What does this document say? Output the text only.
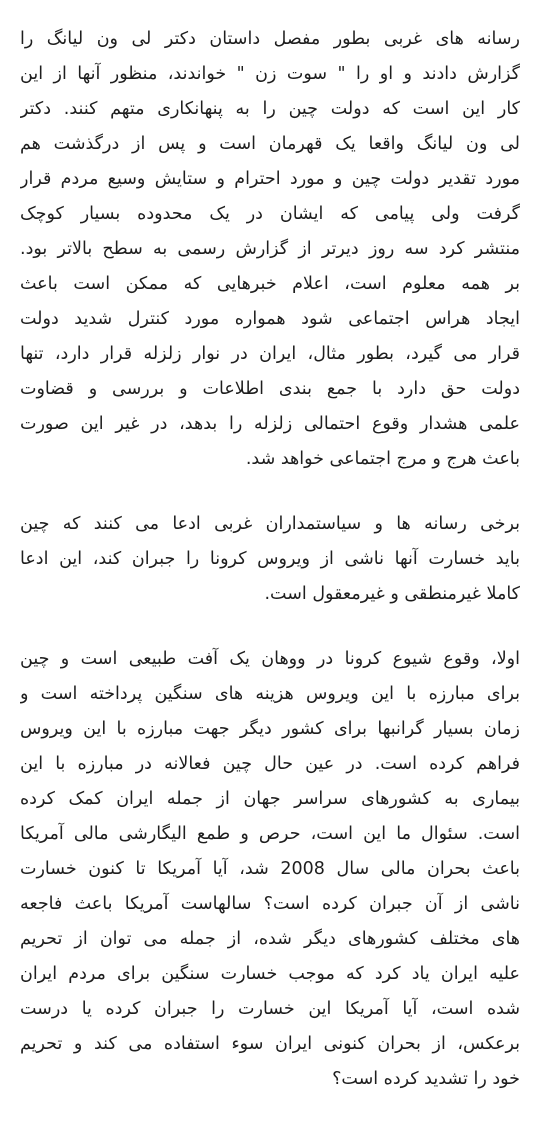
رسانه های غربی بطور مفصل داستان دکتر لی ون لیانگ را
گزارش دادند و او را " سوت زن " خواندند، منظور آنها از این
کار این است که دولت چین را به پنهانکاری متهم کنند. دکتر
لی ون لیانگ واقعا یک قهرمان است و پس از درگذشت هم
مورد تقدیر دولت چین و مورد احترام و ستایش وسیع مردم قرار
گرفت ولی پیامی که ایشان در یک محدوده بسیار کوچک
منتشر کرد سه روز دیرتر از گزارش رسمی به سطح بالاتر بود.
بر همه معلوم است، اعلام خبرهایی که ممکن است باعث
ایجاد هراس اجتماعی شود همواره مورد کنترل شدید دولت
قرار می گیرد، بطور مثال، ایران در نوار زلزله قرار دارد، تنها
دولت حق دارد با جمع بندی اطلاعات و بررسی و قضاوت
علمی هشدار وقوع احتمالی زلزله را بدهد، در غیر این صورت
باعث هرج و مرج اجتماعی خواهد شد.
برخی رسانه ها و سیاستمداران غربی ادعا می کنند که چین
باید خسارت آنها ناشی از ویروس کرونا را جبران کند، این ادعا
کاملا غیرمنطقی و غیرمعقول است.
اولا، وقوع شیوع کرونا در ووهان یک آفت طبیعی است و چین
برای مبارزه با این ویروس هزینه های سنگین پرداخته است و
زمان بسیار گرانبها برای کشور دیگر جهت مبارزه با این ویروس
فراهم کرده است. در عین حال چین فعالانه در مبارزه با این
بیماری به کشورهای سراسر جهان از جمله ایران کمک کرده
است. سئوال ما این است، حرص و طمع الیگارشی مالی آمریکا
باعث بحران مالی سال 2008 شد، آیا آمریکا تا کنون خسارت
ناشی از آن جبران کرده است؟ سالهاست آمریکا باعث فاجعه
های مختلف کشورهای دیگر شده، از جمله می توان از تحریم
علیه ایران یاد کرد که موجب خسارت سنگین برای مردم ایران
شده است، آیا آمریکا این خسارت را جبران کرده یا درست
برعکس، از بحران کنونی ایران سوء استفاده می کند و تحریم
خود را تشدید کرده است؟
